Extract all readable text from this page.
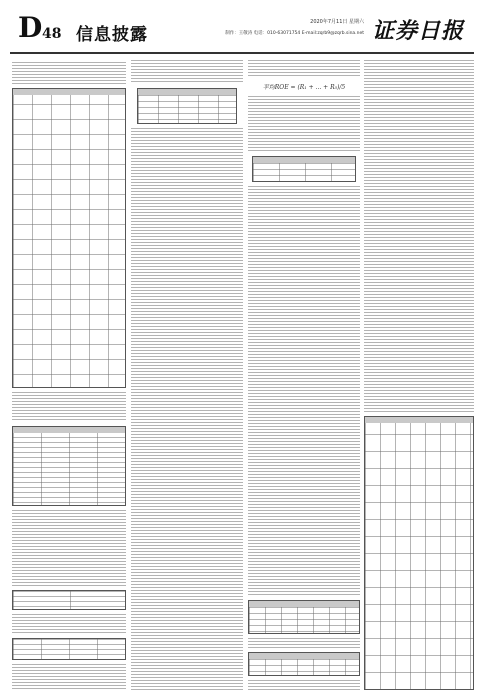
D 48 信息披露
2020年7月11日 星期六
制作：王敬涛 电话：010-63071754 E-mail:zqrb9@zqrb.sina.net 证券日报
平均ROE = (R₁ + ... + R₅)/5
